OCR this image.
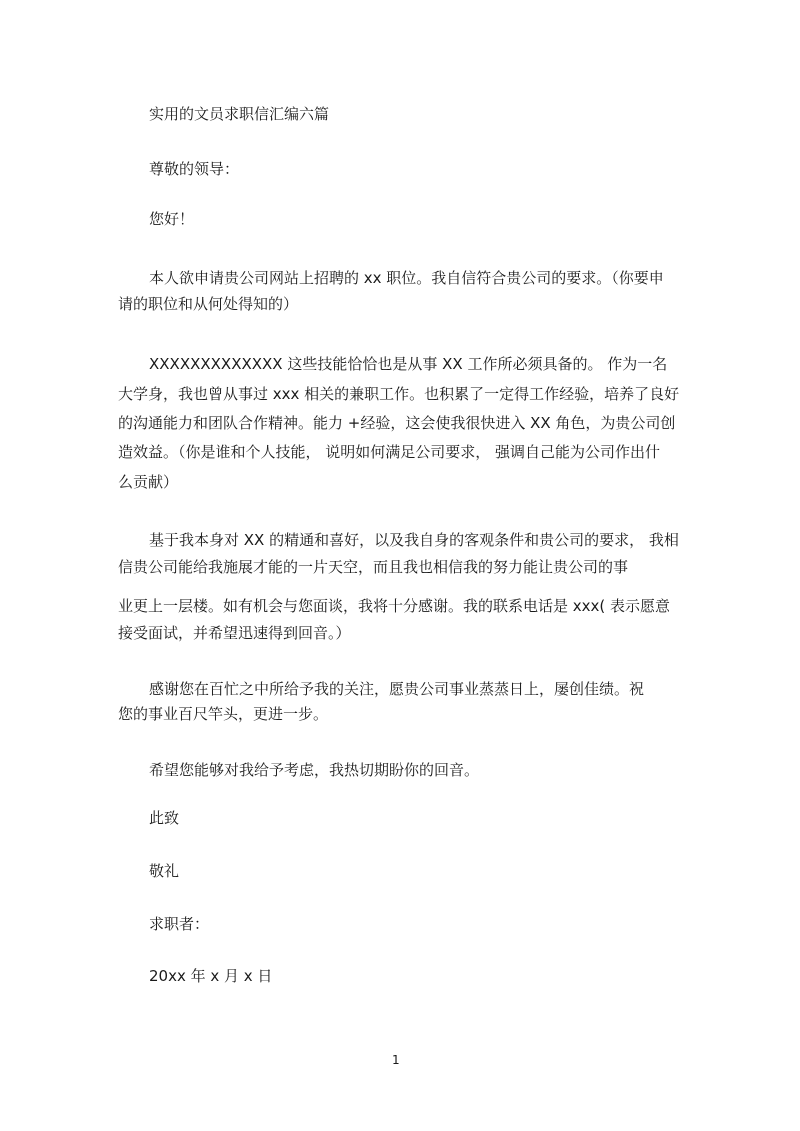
实用的文员求职信汇编六篇
尊敬的领导：
您好！
本人欲申请贵公司网站上招聘的 xx 职位。我自信符合贵公司的要求。（你要申
请的职位和从何处得知的）
XXXXXXXXXXXXX 这些技能恰恰也是从事 XX 工作所必须具备的。 作为一名
大学身，我也曾从事过 xxx 相关的兼职工作。也积累了一定得工作经验，培养了良好
的沟通能力和团队合作精神。能力 +经验，这会使我很快进入 XX 角色，为贵公司创
造效益。（你是谁和个人技能， 说明如何满足公司要求， 强调自己能为公司作出什
么贡献）
基于我本身对 XX 的精通和喜好，以及我自身的客观条件和贵公司的要求， 我相
信贵公司能给我施展才能的一片天空，而且我也相信我的努力能让贵公司的事
业更上一层楼。如有机会与您面谈，我将十分感谢。我的联系电话是 xxx( 表示愿意
接受面试，并希望迅速得到回音。）
感谢您在百忙之中所给予我的关注，愿贵公司事业蒸蒸日上，屡创佳绩。祝
您的事业百尺竿头，更进一步。
希望您能够对我给予考虑，我热切期盼你的回音。
此致
敬礼
求职者：
20xx 年 x 月 x 日
1
